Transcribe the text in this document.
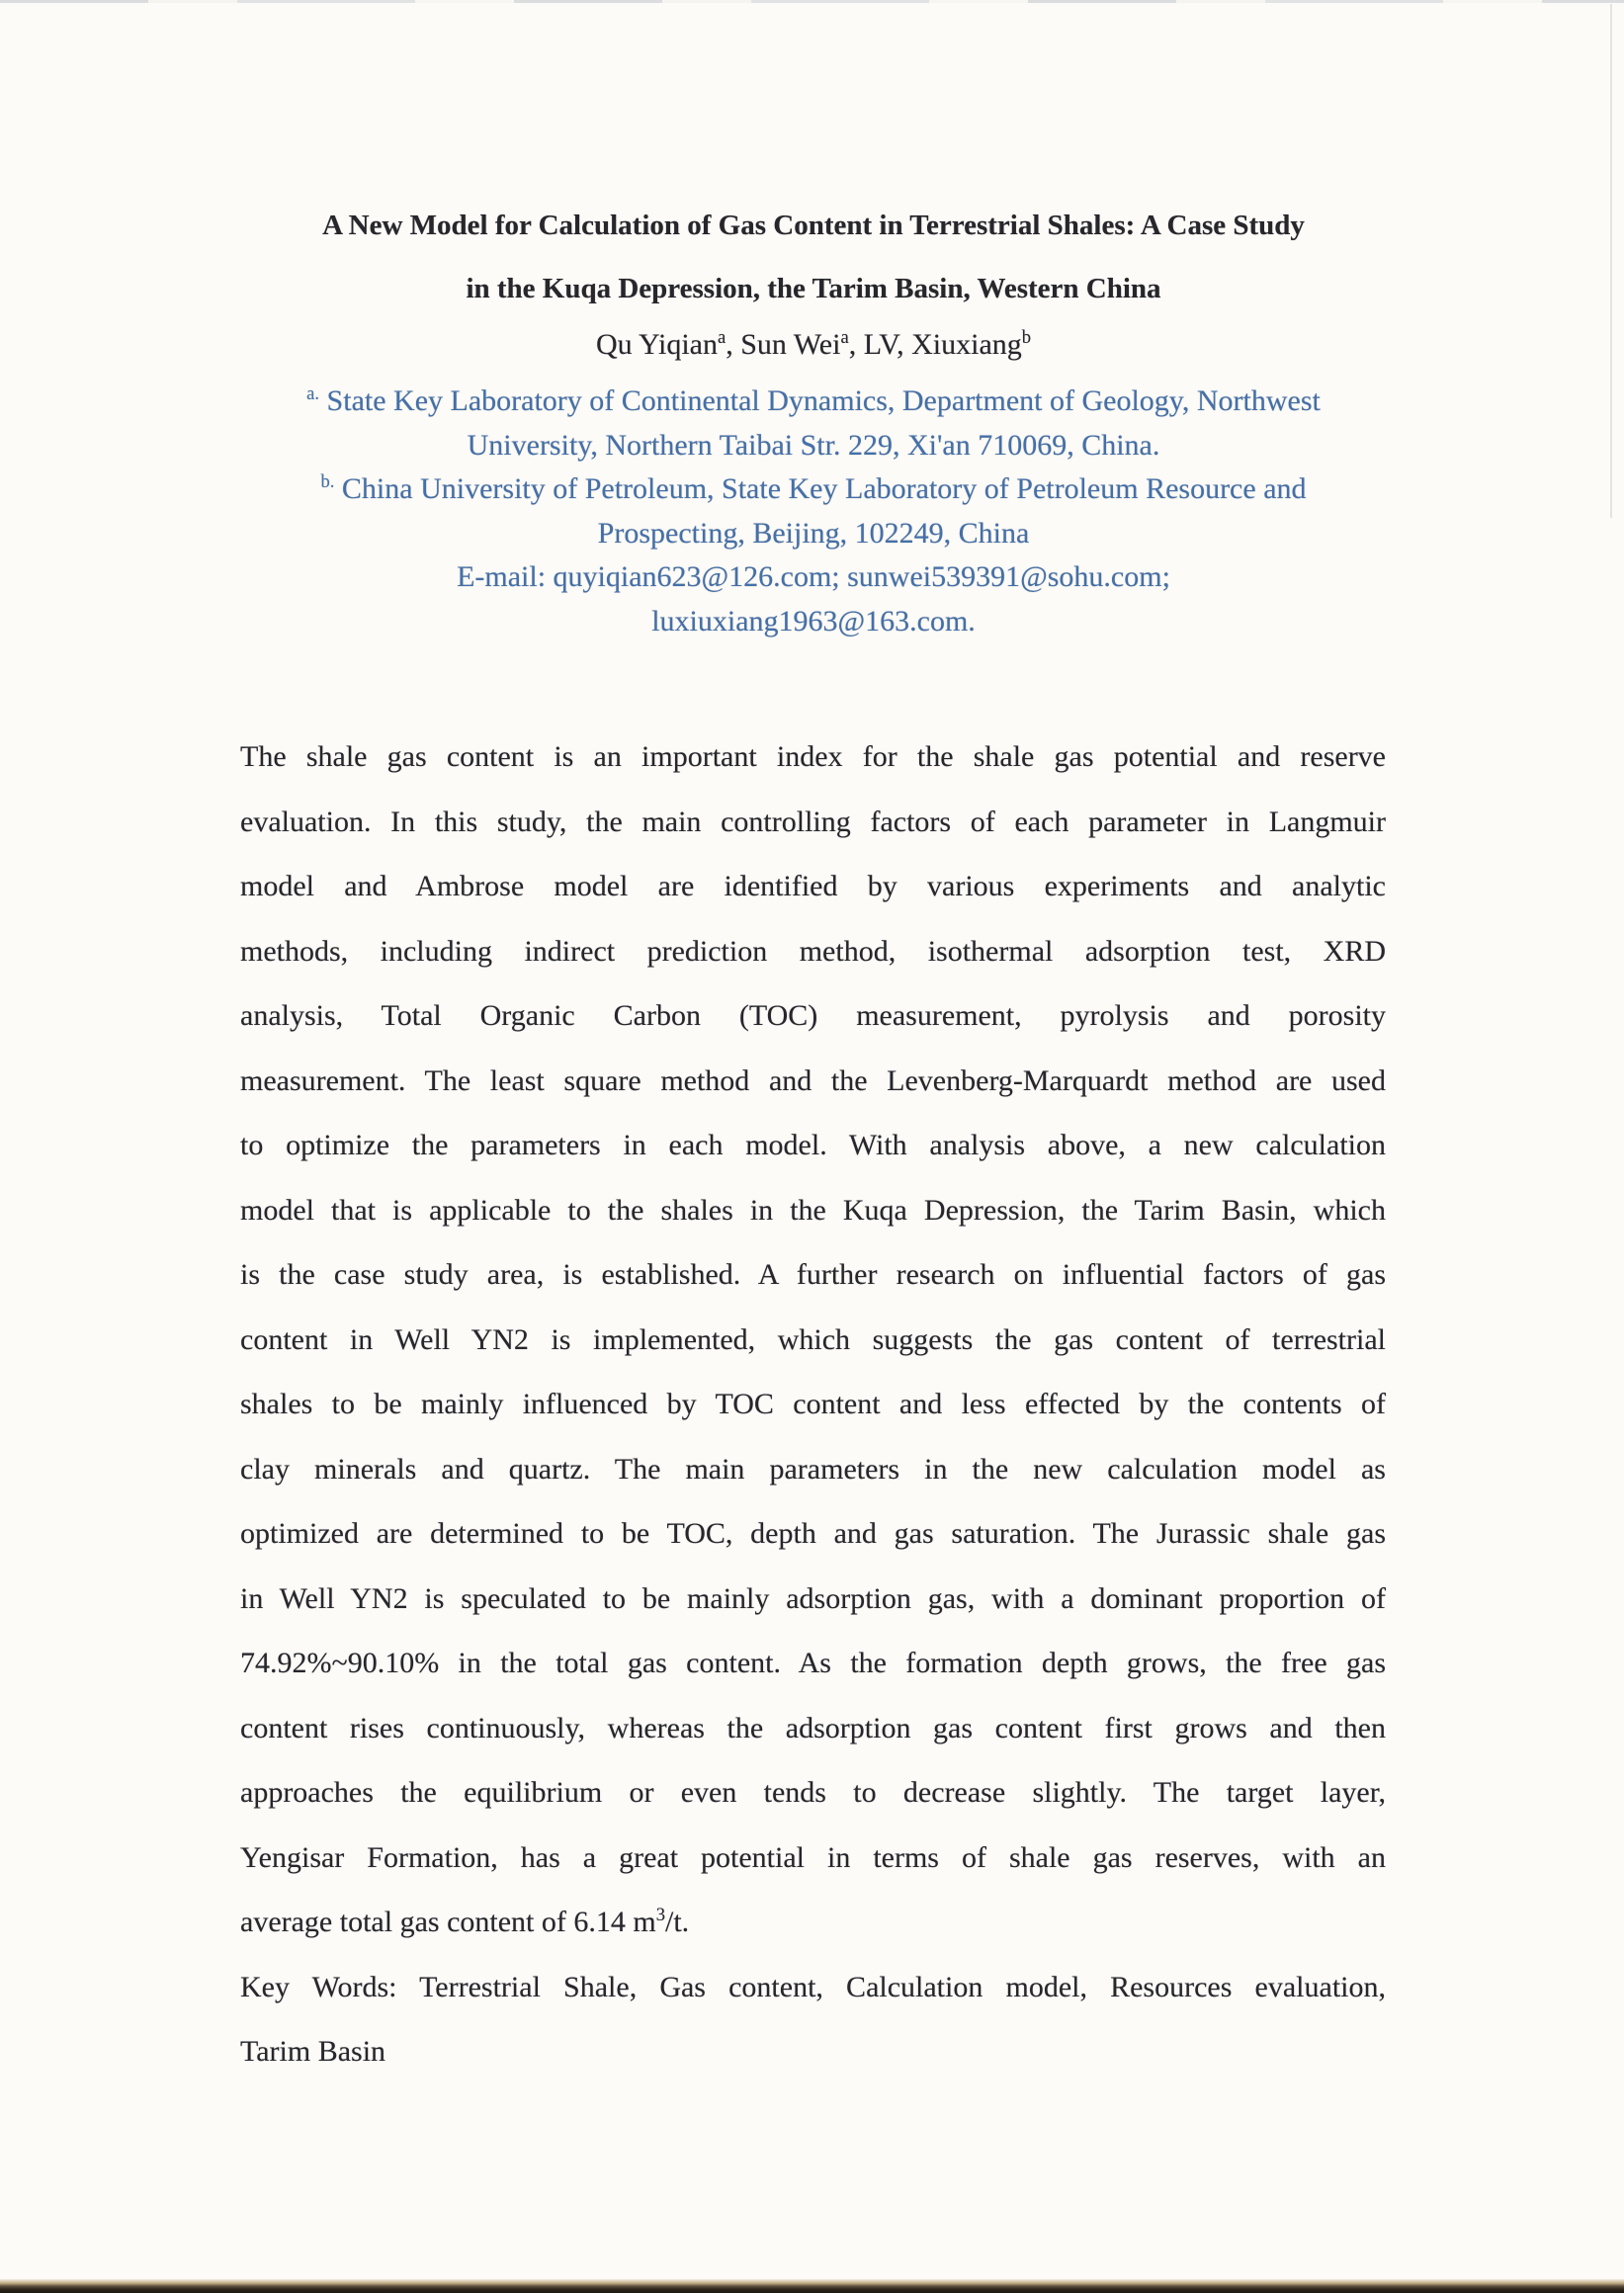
A New Model for Calculation of Gas Content in Terrestrial Shales: A Case Study
in the Kuqa Depression, the Tarim Basin, Western China
Qu Yiqian$^a$, Sun Wei$^a$, LV, Xiuxiang$^b$
$^{a.}$ State Key Laboratory of Continental Dynamics, Department of Geology, Northwest
University, Northern Taibai Str. 229, Xi'an 710069, China.
$^{b.}$ China University of Petroleum, State Key Laboratory of Petroleum Resource and
Prospecting, Beijing, 102249, China
E-mail: quyiqian623@126.com; sunwei539391@sohu.com;
luxiuxiang1963@163.com.
The shale gas content is an important index for the shale gas potential and reserve
evaluation. In this study, the main controlling factors of each parameter in Langmuir
model and Ambrose model are identified by various experiments and analytic
methods, including indirect prediction method, isothermal adsorption test, XRD
analysis, Total Organic Carbon (TOC) measurement, pyrolysis and porosity
measurement. The least square method and the Levenberg-Marquardt method are used
to optimize the parameters in each model. With analysis above, a new calculation
model that is applicable to the shales in the Kuqa Depression, the Tarim Basin, which
is the case study area, is established. A further research on influential factors of gas
content in Well YN2 is implemented, which suggests the gas content of terrestrial
shales to be mainly influenced by TOC content and less effected by the contents of
clay minerals and quartz. The main parameters in the new calculation model as
optimized are determined to be TOC, depth and gas saturation. The Jurassic shale gas
in Well YN2 is speculated to be mainly adsorption gas, with a dominant proportion of
74.92%~90.10% in the total gas content. As the formation depth grows, the free gas
content rises continuously, whereas the adsorption gas content first grows and then
approaches the equilibrium or even tends to decrease slightly. The target layer,
Yengisar Formation, has a great potential in terms of shale gas reserves, with an
average total gas content of 6.14 $m^3/t$.
Key Words: Terrestrial Shale, Gas content, Calculation model, Resources evaluation,
Tarim Basin
